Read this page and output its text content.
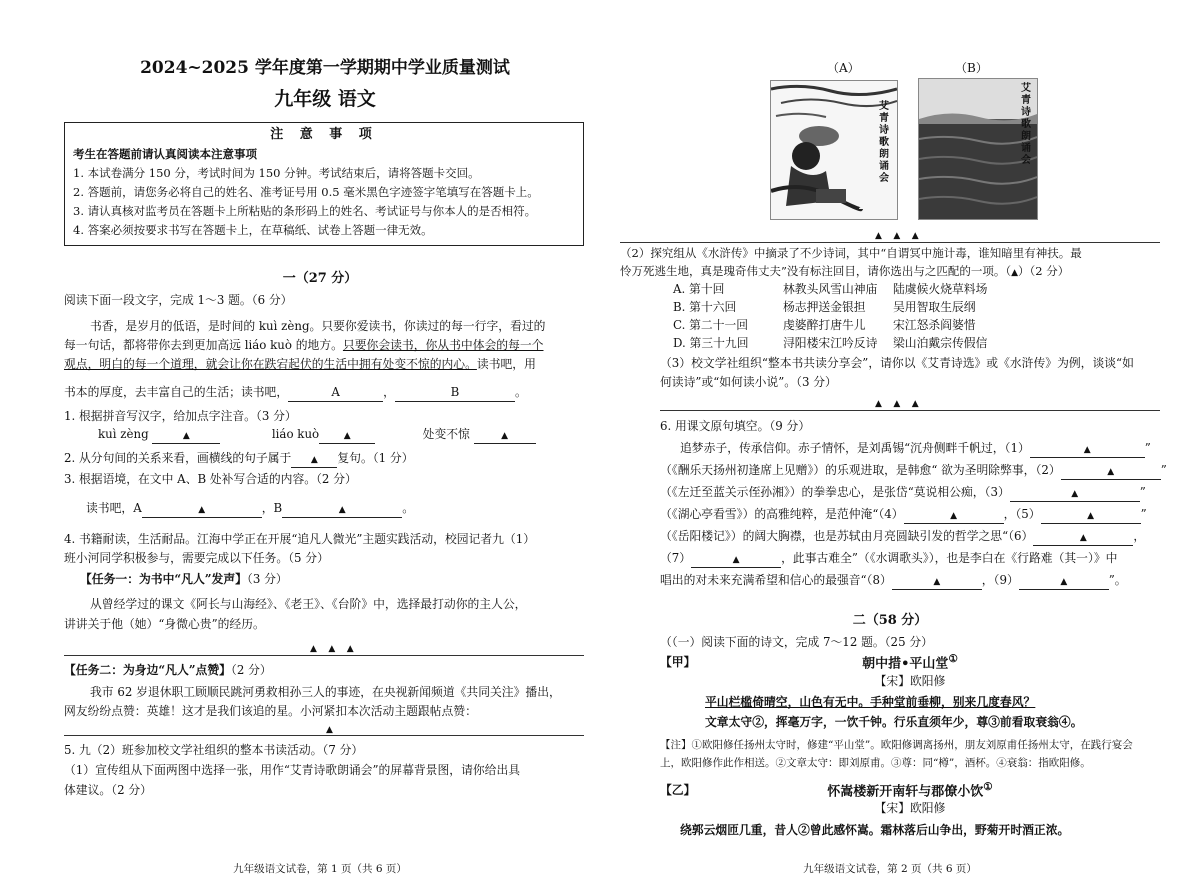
2024~2025 学年度第一学期期中学业质量测试
九年级 语文
注 意 事 项

考生在答题前请认真阅读本注意事项

1. 本试卷满分 150 分，考试时间为 150 分钟。考试结束后，请将答题卡交回。

2. 答题前，请您务必将自己的姓名、准考证号用 0.5 毫米黑色字迹签字笔填写在答题卡上。

3. 请认真核对监考员在答题卡上所粘贴的条形码上的姓名、考试证号与你本人的是否相符。

4. 答案必须按要求书写在答题卡上，在草稿纸、试卷上答题一律无效。

一（27 分）
阅读下面一段文字，完成 1～3 题。（6 分）
书香，是岁月的低语，是时间的 kuì zèng。只要你爱读书，你读过的每一行字，看过的
每一句话，都将带你去到更加高远 liáo kuò 的地方。只要你会读书，你从书中体会的每一个
观点，明白的每一个道理，就会让你在跌宕起伏的生活中拥有处变不惊的内心。读书吧，用
书本的厚度，去丰富自己的生活；读书吧，	A	，	B	。
1. 根据拼音写汉字，给加点字注音。（3 分）
kuì zèng	▲	liáo kuò	▲	处变不惊	▲
2. 从分句间的关系来看，画横线的句子属于 ▲ 复句。（1 分）
3. 根据语境，在文中 A、B 处补写合适的内容。（2 分）
读书吧，A	▲	，B	▲	。
4. 书籍耐读，生活耐品。江海中学正在开展“追凡人微光”主题实践活动，校园记者九（1）
班小河同学积极参与，需要完成以下任务。（5 分）
【任务一：为书中“凡人”发声】（3 分）
从曾经学过的课文《阿长与山海经》、《老王》、《台阶》中，选择最打动你的主人公，
讲讲关于他（她）“身微心贵”的经历。
▲    ▲    ▲
【任务二：为身边“凡人”点赞】（2 分）
我市 62 岁退休职工顾顺民跳河勇救相孙三人的事迹，在央视新闻频道《共同关注》播出，
网友纷纷点赞：英雄！这才是我们该追的星。小河紧扣本次活动主题跟帖点赞：
▲
5. 九（2）班参加校文学社组织的整本书读活动。（7 分）
（1）宣传组从下面两图中选择一张，用作“艾青诗歌朗诵会”的屏幕背景图，请你给出具
体建议。（2 分）
九年级语文试卷，第 1 页（共 6 页）
（A）	（B）
艾青诗歌朗诵会
艾青诗歌朗诵会
▲    ▲    ▲
（2）探究组从《水浒传》中摘录了不少诗词，其中“自谓冥中施计毒，谁知暗里有神扶。最
怜万死逃生地，真是瑰奇伟丈夫”没有标注回目，请你选出与之匹配的一项。（▲）（2 分）
A. 第十回	林教头风雪山神庙 陆虞候火烧草料场
B. 第十六回	杨志押送金银担 吴用智取生辰纲
C. 第二十一回	虔婆醉打唐牛儿 宋江怒杀阎婆惜
D. 第三十九回	浔阳楼宋江吟反诗 梁山泊戴宗传假信
（3）校文学社组织“整本书共读分享会”，请你以《艾青诗选》或《水浒传》为例，谈谈“如
何读诗”或“如何读小说”。（3 分）
▲    ▲    ▲
6. 用课文原句填空。（9 分）
追梦赤子，传承信仰。赤子情怀，是刘禹锡“沉舟侧畔千帆过，（1）	▲	”
（《酬乐天扬州初逢席上见赠》）的乐观进取，是韩愈“ 欲为圣明除弊事，（2）	▲	”
（《左迁至蓝关示侄孙湘》）的拳拳忠心，是张岱“莫说相公痴，（3）	▲	”
（《湖心亭看雪》）的高雅纯粹，是范仲淹“（4）	▲	，（5）	▲	”
（《岳阳楼记》）的阔大胸襟，也是苏轼由月亮圆缺引发的哲学之思“（6）	▲	，
（7）	▲	，此事古难全”（《水调歌头》），也是李白在《行路难（其一）》中
唱出的对未来充满希望和信心的最强音“（8）	▲	，（9）	▲	”。
二（58 分）
（（一）阅读下面的诗文，完成 7～12 题。（25 分）
【甲】	朝中措•平山堂①
【宋】欧阳修
平山栏槛倚晴空，山色有无中。手种堂前垂柳，别来几度春风？
文章太守②，挥毫万字，一饮千钟。行乐直须年少，尊③前看取衰翁④。
【注】①欧阳修任扬州太守时，修建“平山堂”。欧阳修调离扬州，朋友刘原甫任扬州太守，在践行宴会
上，欧阳修作此作相送。②文章太守：即刘原甫。③尊：同“樽”，酒杯。④衰翁：指欧阳修。
【乙】	怀嵩楼新开南轩与郡僚小饮①
【宋】欧阳修
绕郭云烟匝几重，昔人②曾此感怀嵩。霜林落后山争出，野菊开时酒正浓。
九年级语文试卷，第 2 页（共 6 页）
